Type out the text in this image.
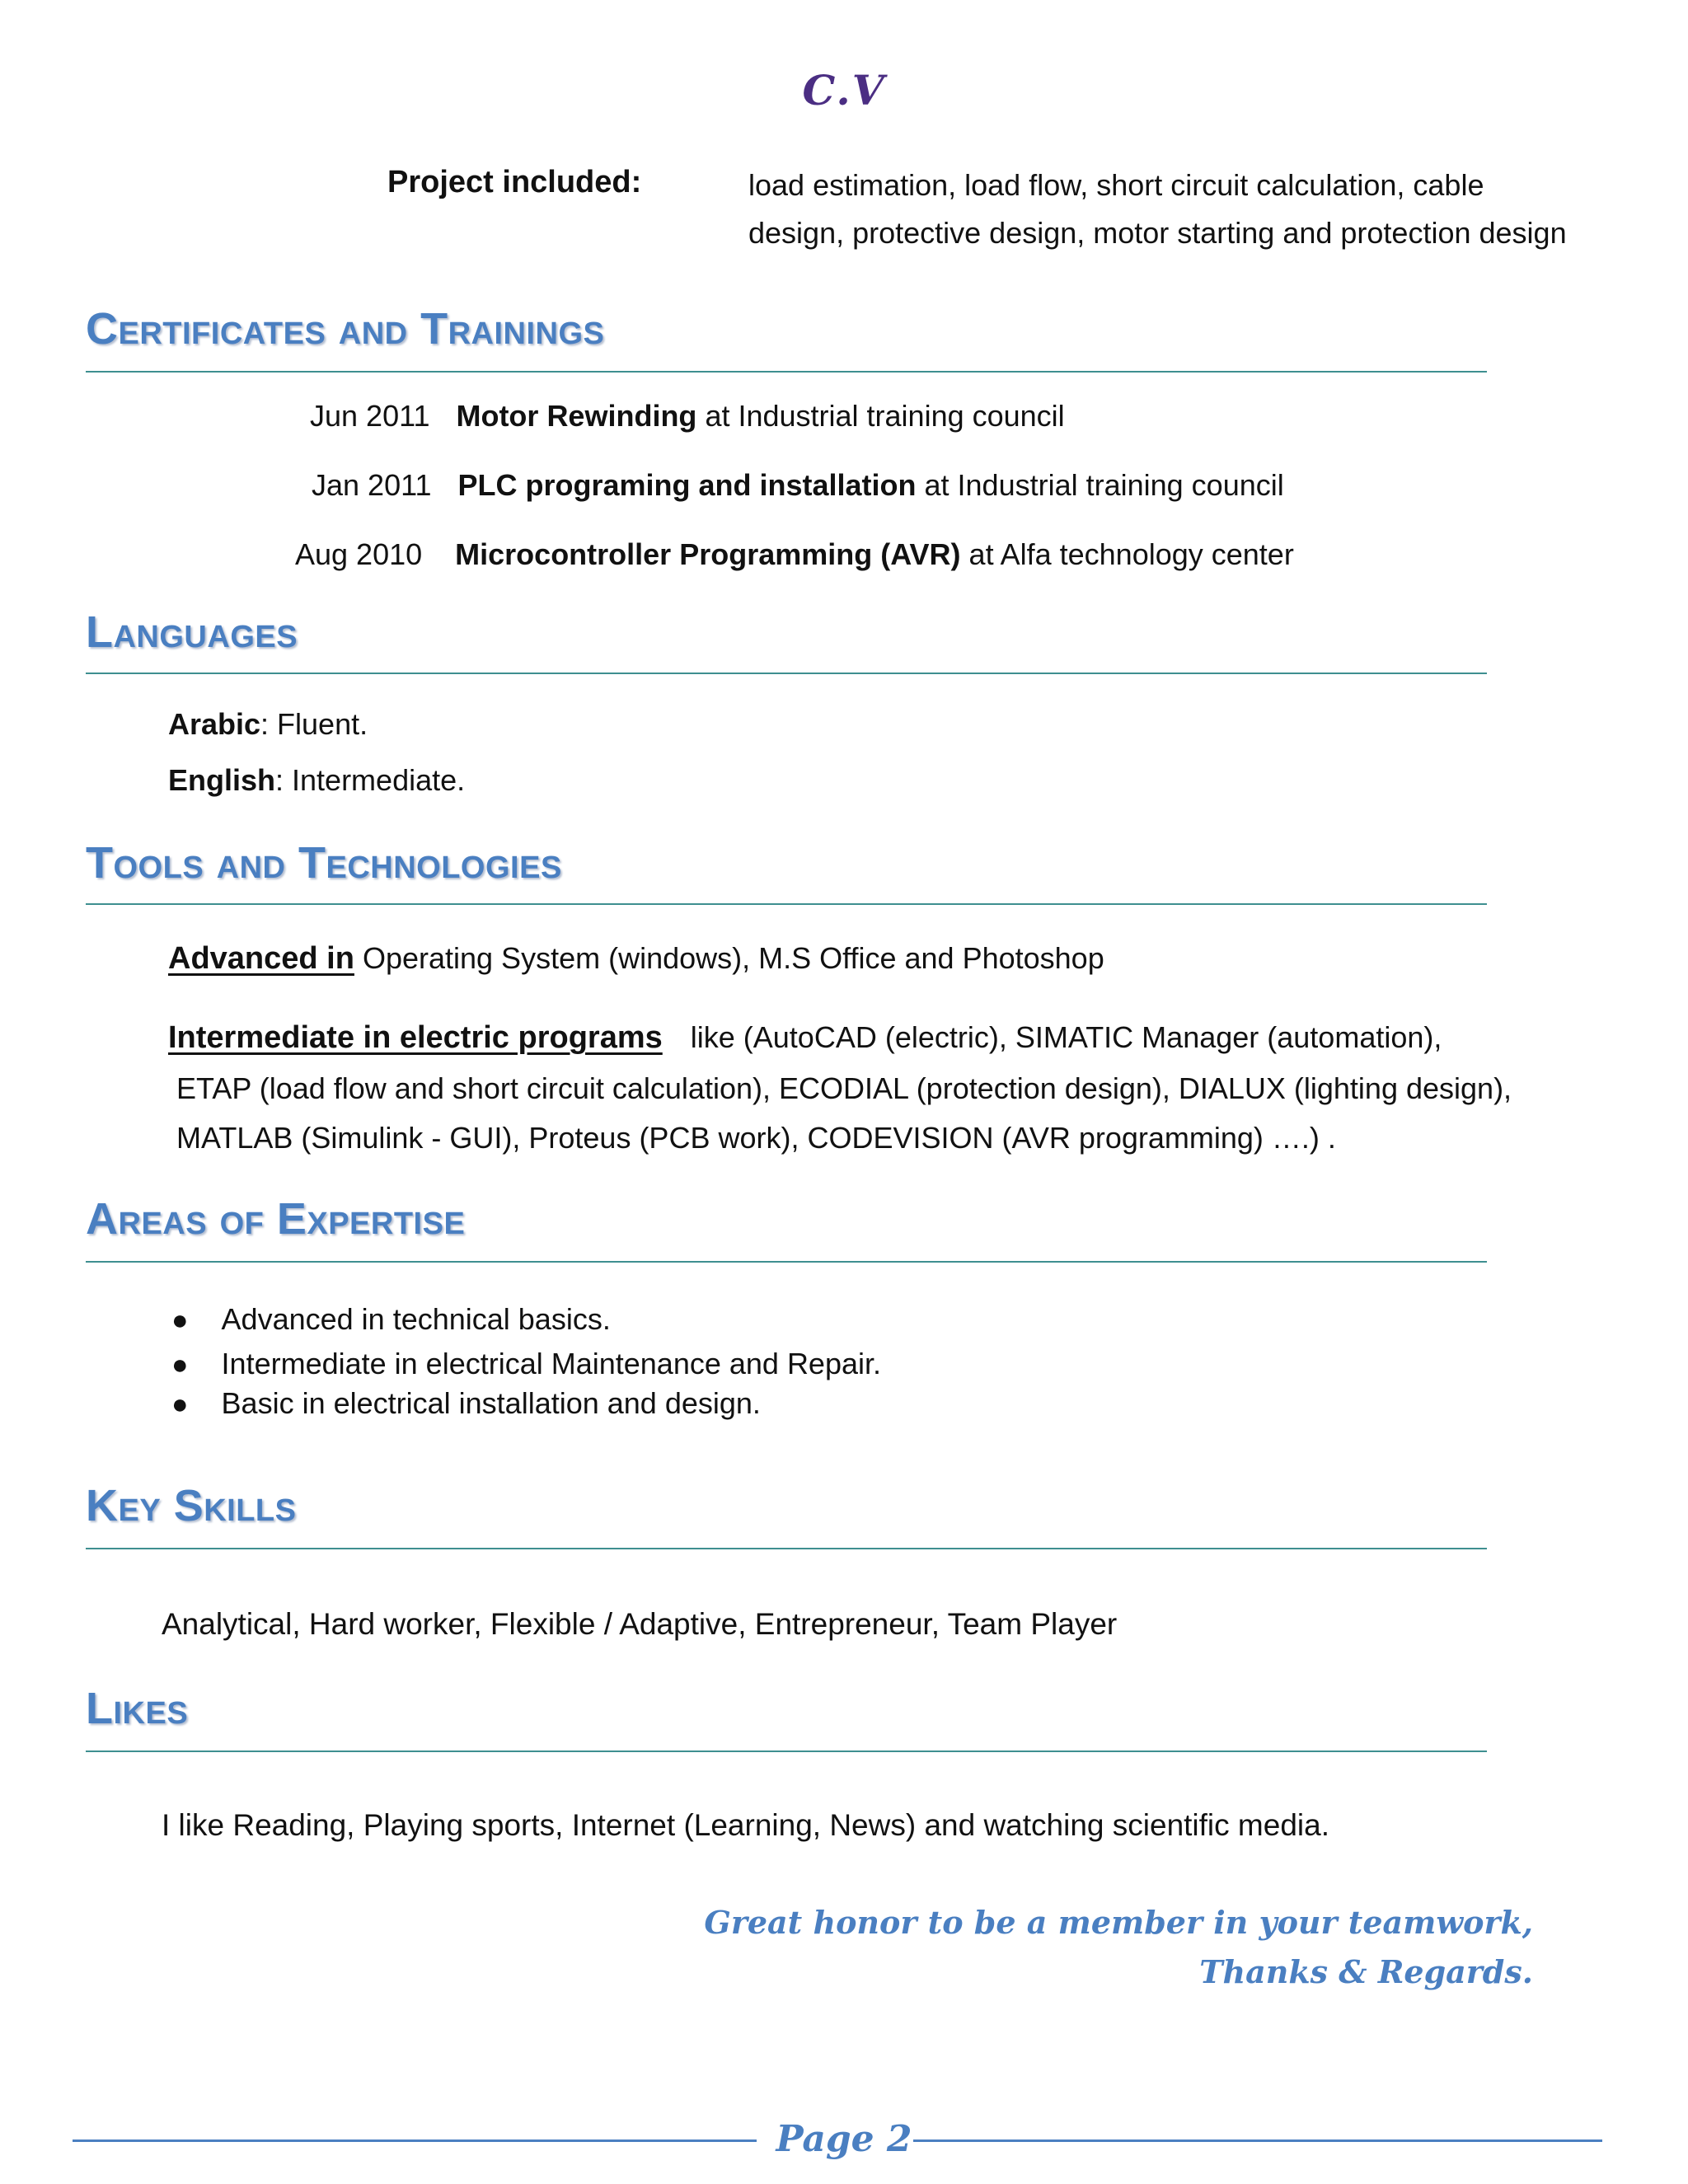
C.V
Project included:	load estimation, load flow, short circuit calculation, cable
design, protective design, motor starting and protection design
Certificates and Trainings
Jun 2011 Motor Rewinding at Industrial training council
Jan 2011 PLC programing and installation at Industrial training council
Aug 2010 Microcontroller Programming (AVR) at Alfa technology center
Languages
Arabic: Fluent.
English: Intermediate.
Tools and Technologies
Advanced in Operating System (windows), M.S Office and Photoshop
Intermediate in electric programs like (AutoCAD (electric), SIMATIC Manager (automation),
ETAP (load flow and short circuit calculation), ECODIAL (protection design), DIALUX (lighting design),
MATLAB (Simulink - GUI), Proteus (PCB work), CODEVISION (AVR programming) ….) .
Areas of Expertise
● Advanced in technical basics.
● Intermediate in electrical Maintenance and Repair.
● Basic in electrical installation and design.
Key Skills
Analytical, Hard worker, Flexible / Adaptive, Entrepreneur, Team Player
Likes
I like Reading, Playing sports, Internet (Learning, News) and watching scientific media.
Great honor to be a member in your teamwork,
Thanks & Regards.
Page 2
